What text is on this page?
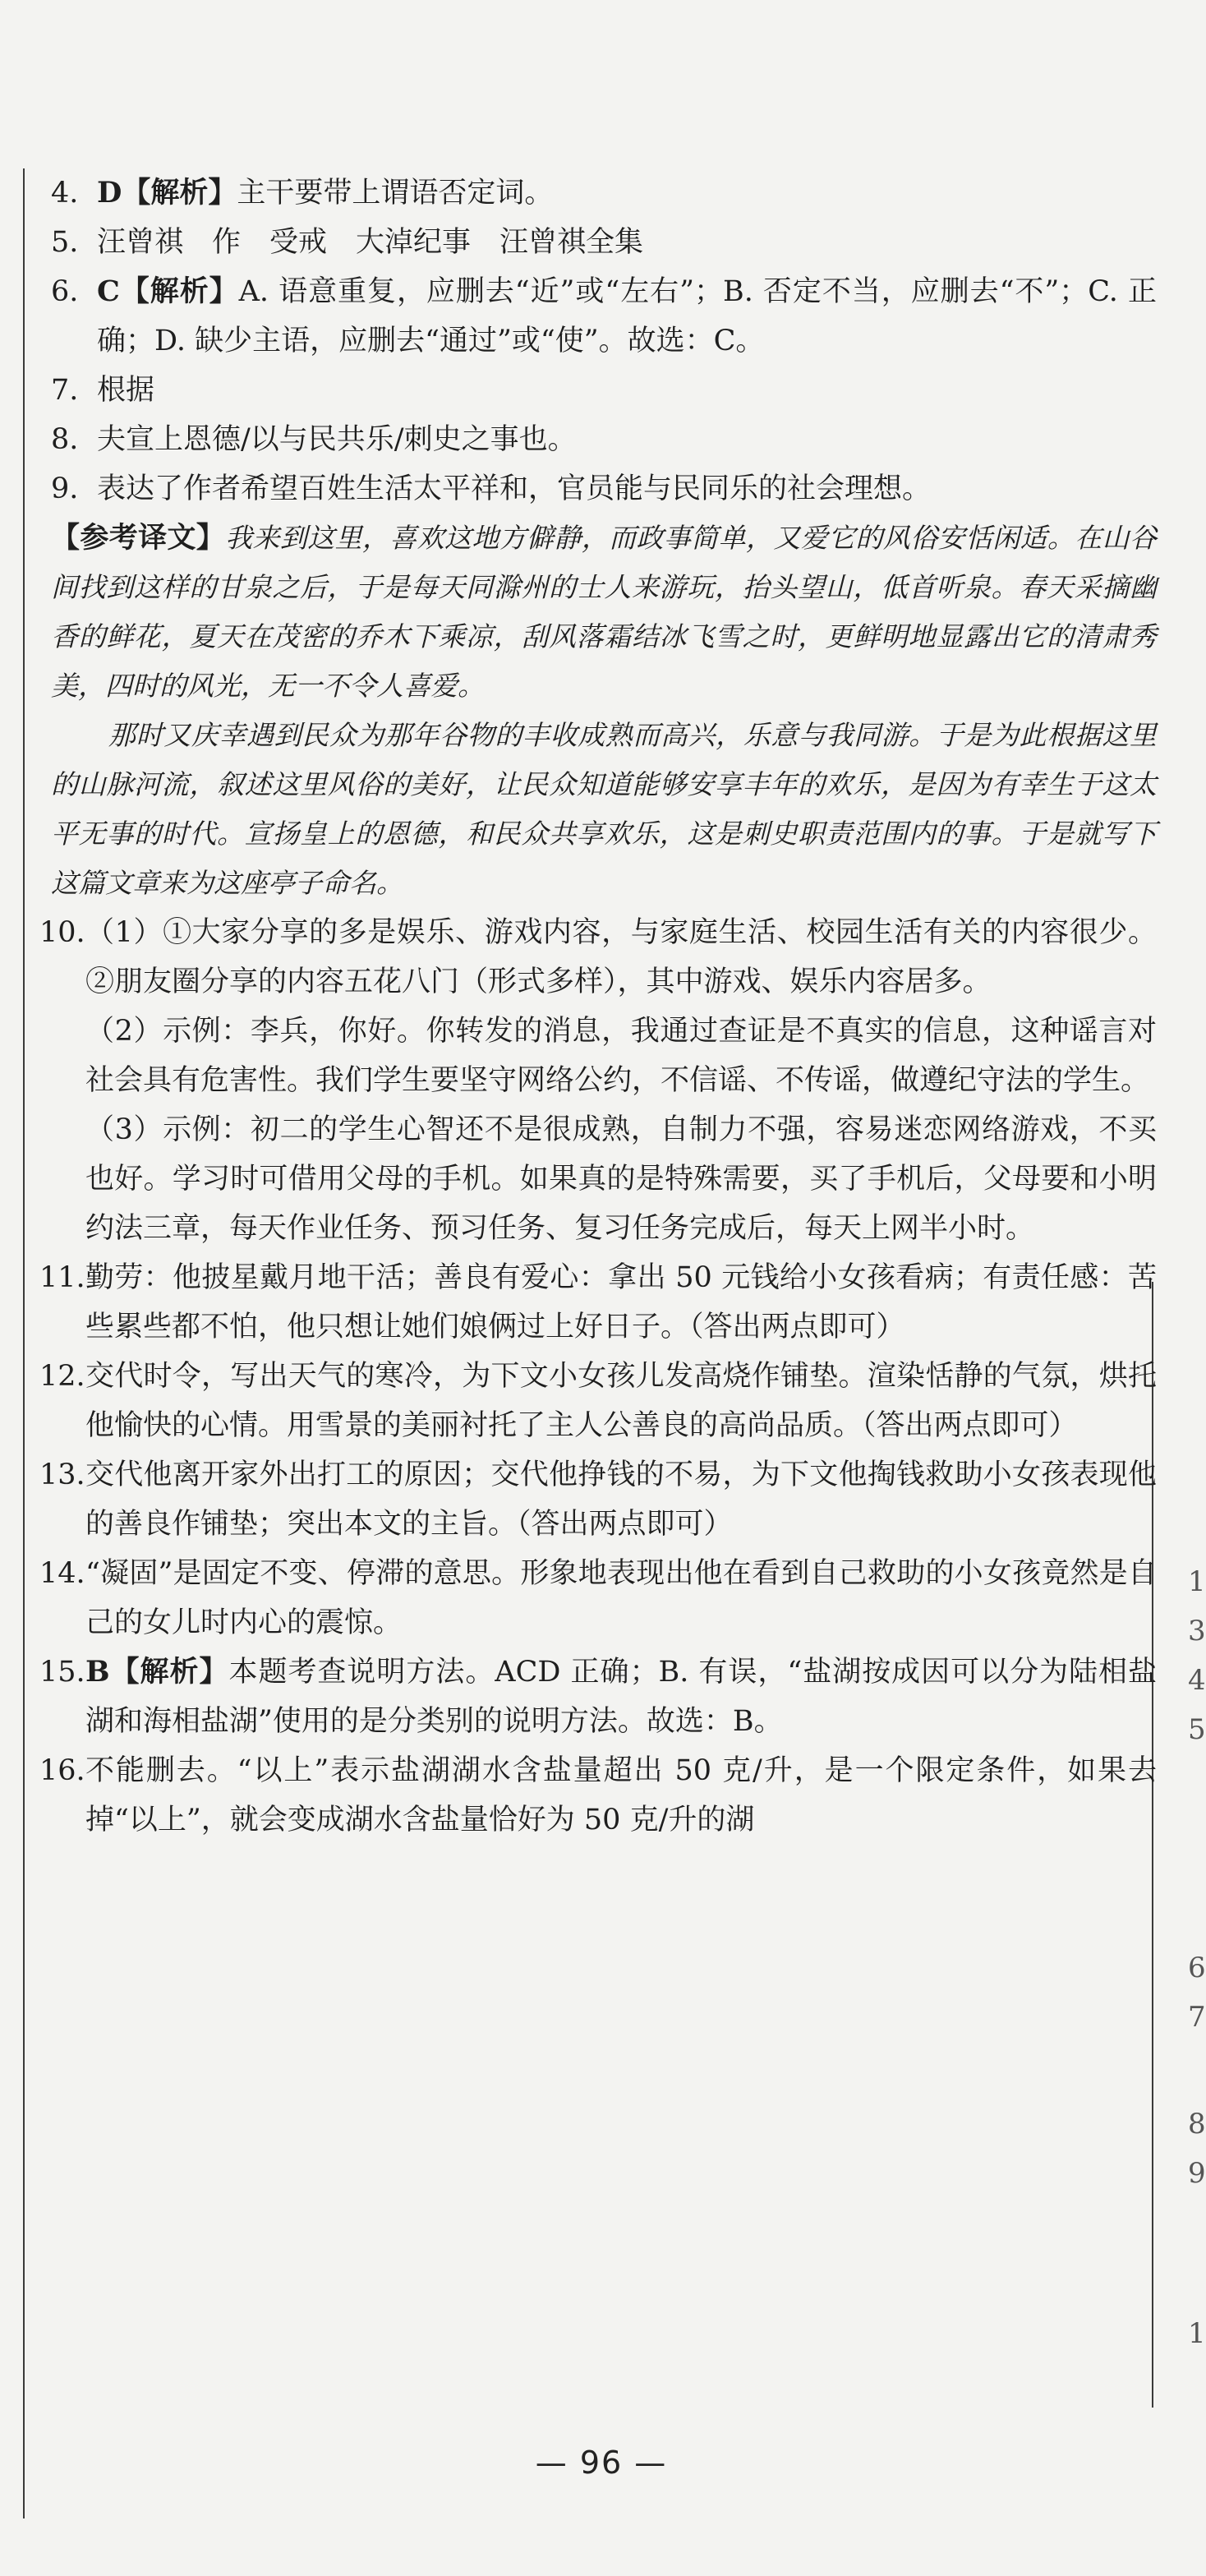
1
3
4
5
6
7
8
9
1
4. D【解析】主干要带上谓语否定词。
5. 汪曾祺　作　受戒　大淖纪事　汪曾祺全集
6. C【解析】A. 语意重复，应删去“近”或“左右”；B. 否定不当，应删去“不”；C. 正确；D. 缺少主语，应删去“通过”或“使”。故选：C。
7. 根据
8. 夫宣上恩德/以与民共乐/刺史之事也。
9. 表达了作者希望百姓生活太平祥和，官员能与民同乐的社会理想。

【参考译文】我来到这里，喜欢这地方僻静，而政事简单，又爱它的风俗安恬闲适。在山谷间找到这样的甘泉之后，于是每天同滁州的士人来游玩，抬头望山，低首听泉。春天采摘幽香的鲜花，夏天在茂密的乔木下乘凉，刮风落霜结冰飞雪之时，更鲜明地显露出它的清肃秀美，四时的风光，无一不令人喜爱。

那时又庆幸遇到民众为那年谷物的丰收成熟而高兴，乐意与我同游。于是为此根据这里的山脉河流，叙述这里风俗的美好，让民众知道能够安享丰年的欢乐，是因为有幸生于这太平无事的时代。宣扬皇上的恩德，和民众共享欢乐，这是刺史职责范围内的事。于是就写下这篇文章来为这座亭子命名。

10. （1）①大家分享的多是娱乐、游戏内容，与家庭生活、校园生活有关的内容很少。②朋友圈分享的内容五花八门（形式多样），其中游戏、娱乐内容居多。
（2）示例：李兵，你好。你转发的消息，我通过查证是不真实的信息，这种谣言对社会具有危害性。我们学生要坚守网络公约，不信谣、不传谣，做遵纪守法的学生。
（3）示例：初二的学生心智还不是很成熟，自制力不强，容易迷恋网络游戏，不买也好。学习时可借用父母的手机。如果真的是特殊需要，买了手机后，父母要和小明约法三章，每天作业任务、预习任务、复习任务完成后，每天上网半小时。
11. 勤劳：他披星戴月地干活；善良有爱心：拿出 50 元钱给小女孩看病；有责任感：苦些累些都不怕，他只想让她们娘俩过上好日子。（答出两点即可）
12. 交代时令，写出天气的寒冷，为下文小女孩儿发高烧作铺垫。渲染恬静的气氛，烘托他愉快的心情。用雪景的美丽衬托了主人公善良的高尚品质。（答出两点即可）
13. 交代他离开家外出打工的原因；交代他挣钱的不易，为下文他掏钱救助小女孩表现他的善良作铺垫；突出本文的主旨。（答出两点即可）
14. “凝固”是固定不变、停滞的意思。形象地表现出他在看到自己救助的小女孩竟然是自己的女儿时内心的震惊。
15. B【解析】本题考查说明方法。ACD 正确；B. 有误，“盐湖按成因可以分为陆相盐湖和海相盐湖”使用的是分类别的说明方法。故选：B。
16. 不能删去。“以上”表示盐湖湖水含盐量超出 50 克/升，是一个限定条件，如果去掉“以上”，就会变成湖水含盐量恰好为 50 克/升的湖
— 96 —
